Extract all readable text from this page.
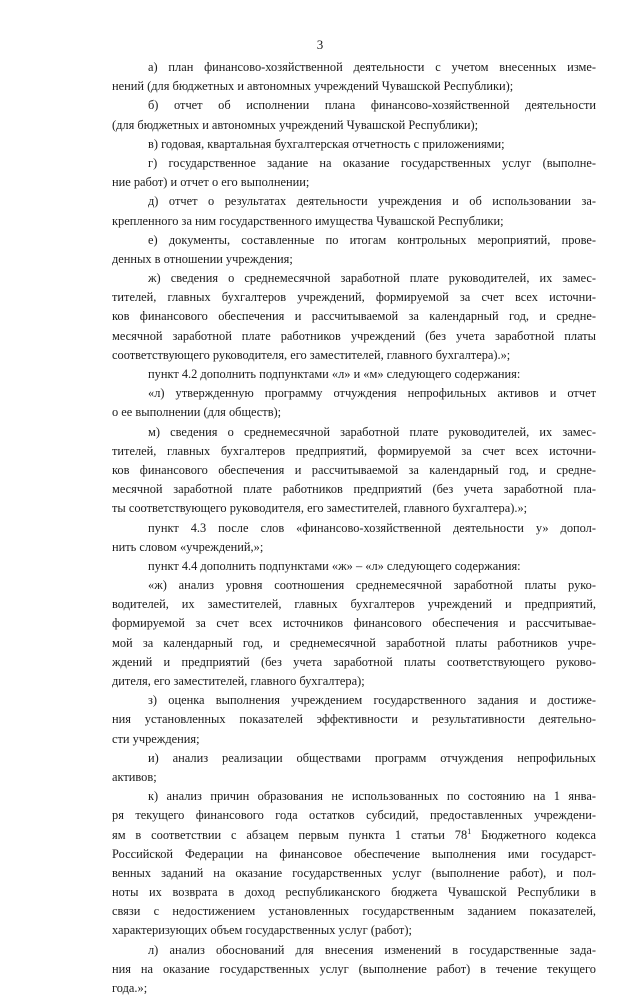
3
а) план финансово-хозяйственной деятельности с учетом внесенных изме-
нений (для бюджетных и автономных учреждений Чувашской Республики);
б) отчет об исполнении плана финансово-хозяйственной деятельности
(для бюджетных и автономных учреждений Чувашской Республики);
в) годовая, квартальная бухгалтерская отчетность с приложениями;
г) государственное задание на оказание государственных услуг (выполне-
ние работ) и отчет о его выполнении;
д) отчет о результатах деятельности учреждения и об использовании за-
крепленного за ним государственного имущества Чувашской Республики;
е) документы, составленные по итогам контрольных мероприятий, прове-
денных в отношении учреждения;
ж) сведения о среднемесячной заработной плате руководителей, их замес-
тителей, главных бухгалтеров учреждений, формируемой за счет всех источни-
ков финансового обеспечения и рассчитываемой за календарный год, и средне-
месячной заработной плате работников учреждений (без учета заработной платы
соответствующего руководителя, его заместителей, главного бухгалтера).»;
пункт 4.2 дополнить подпунктами «л» и «м» следующего содержания:
«л) утвержденную программу отчуждения непрофильных активов и отчет
о ее выполнении (для обществ);
м) сведения о среднемесячной заработной плате руководителей, их замес-
тителей, главных бухгалтеров предприятий, формируемой за счет всех источни-
ков финансового обеспечения и рассчитываемой за календарный год, и средне-
месячной заработной плате работников предприятий (без учета заработной пла-
ты соответствующего руководителя, его заместителей, главного бухгалтера).»;
пункт 4.3 после слов «финансово-хозяйственной деятельности у» допол-
нить словом «учреждений,»;
пункт 4.4 дополнить подпунктами «ж» – «л» следующего содержания:
«ж) анализ уровня соотношения среднемесячной заработной платы руко-
водителей, их заместителей, главных бухгалтеров учреждений и предприятий,
формируемой за счет всех источников финансового обеспечения и рассчитывае-
мой за календарный год, и среднемесячной заработной платы работников учре-
ждений и предприятий (без учета заработной платы соответствующего руково-
дителя, его заместителей, главного бухгалтера);
з) оценка выполнения учреждением государственного задания и достиже-
ния установленных показателей эффективности и результативности деятельно-
сти учреждения;
и) анализ реализации обществами программ отчуждения непрофильных
активов;
к) анализ причин образования не использованных по состоянию на 1 янва-
ря текущего финансового года остатков субсидий, предоставленных учреждени-
ям в соответствии с абзацем первым пункта 1 статьи $78^1$ Бюджетного кодекса
Российской Федерации на финансовое обеспечение выполнения ими государст-
венных заданий на оказание государственных услуг (выполнение работ), и пол-
ноты их возврата в доход республиканского бюджета Чувашской Республики в
связи с недостижением установленных государственным заданием показателей,
характеризующих объем государственных услуг (работ);
л) анализ обоснований для внесения изменений в государственные зада-
ния на оказание государственных услуг (выполнение работ) в течение текущего
года.»;
